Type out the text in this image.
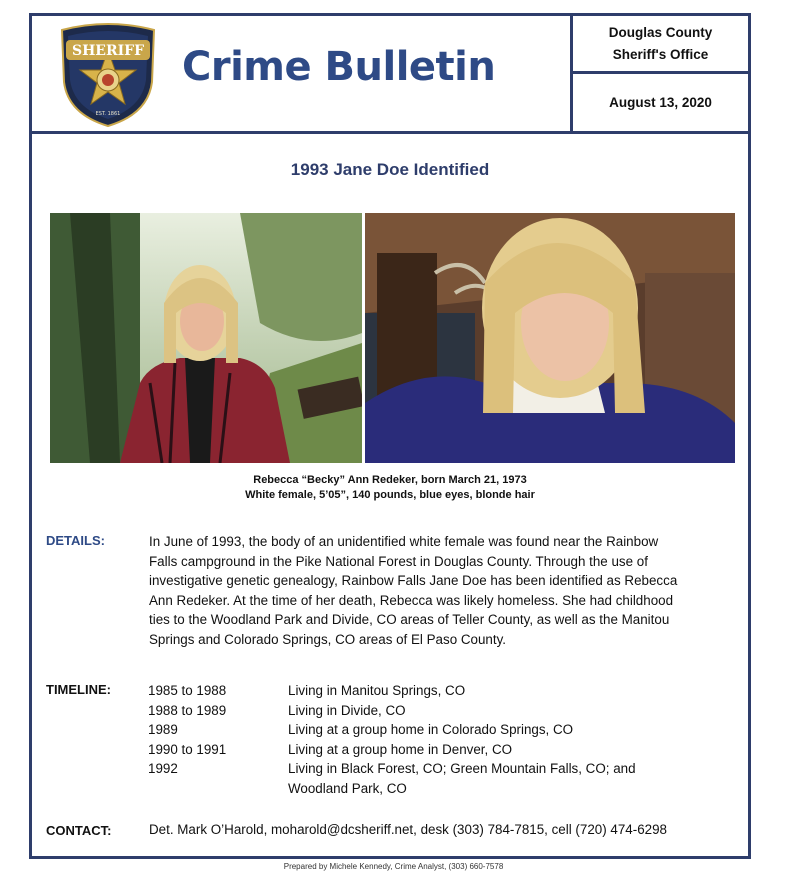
SHERIFF
EST. 1861
Crime Bulletin
Douglas County
Sheriff's Office
August 13, 2020
1993 Jane Doe Identified
Rebecca “Becky” Ann Redeker, born March 21, 1973
White female, 5’05”, 140 pounds, blue eyes, blonde hair
DETAILS:	In June of 1993, the body of an unidentified white female was found near the Rainbow
Falls campground in the Pike National Forest in Douglas County. Through the use of
investigative genetic genealogy, Rainbow Falls Jane Doe has been identified as Rebecca
Ann Redeker. At the time of her death, Rebecca was likely homeless. She had childhood
ties to the Woodland Park and Divide, CO areas of Teller County, as well as the Manitou
Springs and Colorado Springs, CO areas of El Paso County.
TIMELINE:	1985 to 1988	Living in Manitou Springs, CO
1988 to 1989	Living in Divide, CO
1989	Living at a group home in Colorado Springs, CO
1990 to 1991	Living at a group home in Denver, CO
1992	Living in Black Forest, CO; Green Mountain Falls, CO; and
Woodland Park, CO
CONTACT:	Det. Mark O’Harold, moharold@dcsheriff.net, desk (303) 784-7815, cell (720) 474-6298
Prepared by Michele Kennedy, Crime Analyst, (303) 660-7578
